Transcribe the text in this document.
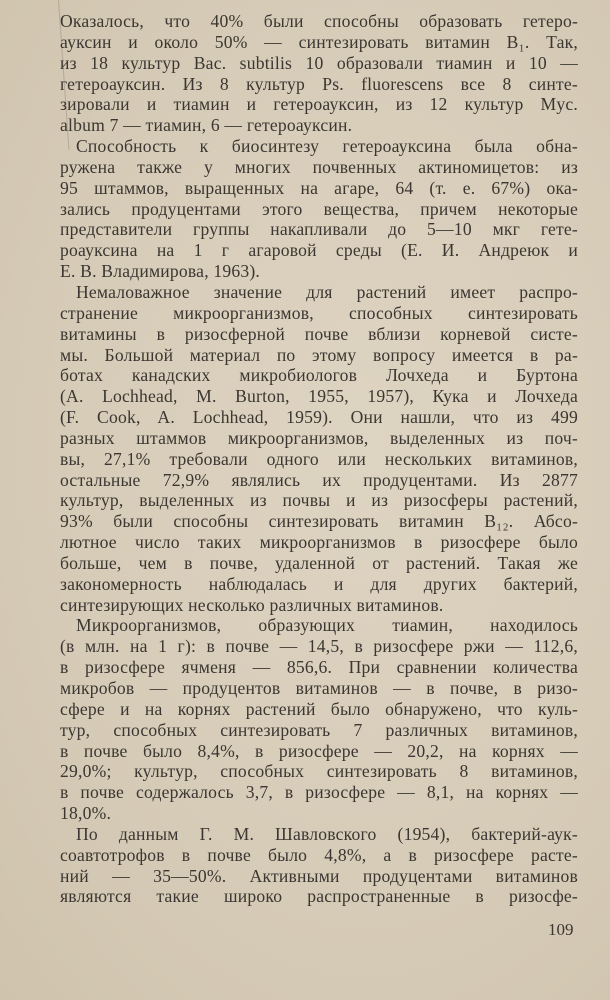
Оказалось, что 40% были способны образовать гетеро-
ауксин и около 50% — синтезировать витамин B₁. Так,
из 18 культур Bac. subtilis 10 образовали тиамин и 10 —
гетероауксин. Из 8 культур Ps. fluorescens все 8 синте-
зировали и тиамин и гетероауксин, из 12 культур Myc.
album 7 — тиамин, 6 — гетероауксин.
Способность к биосинтезу гетероауксина была обна-
ружена также у многих почвенных актиномицетов: из
95 штаммов, выращенных на агаре, 64 (т. е. 67%) ока-
зались продуцентами этого вещества, причем некоторые
представители группы накапливали до 5—10 мкг гете-
роауксина на 1 г агаровой среды (Е. И. Андреюк и
Е. В. Владимирова, 1963).
Немаловажное значение для растений имеет распро-
странение микроорганизмов, способных синтезировать
витамины в ризосферной почве вблизи корневой систе-
мы. Большой материал по этому вопросу имеется в ра-
ботах канадских микробиологов Лочхеда и Буртона
(A. Lochhead, M. Burton, 1955, 1957), Кука и Лочхеда
(F. Cook, A. Lochhead, 1959). Они нашли, что из 499
разных штаммов микроорганизмов, выделенных из поч-
вы, 27,1% требовали одного или нескольких витаминов,
остальные 72,9% являлись их продуцентами. Из 2877
культур, выделенных из почвы и из ризосферы растений,
93% были способны синтезировать витамин B₁₂. Абсо-
лютное число таких микроорганизмов в ризосфере было
больше, чем в почве, удаленной от растений. Такая же
закономерность наблюдалась и для других бактерий,
синтезирующих несколько различных витаминов.
Микроорганизмов, образующих тиамин, находилось
(в млн. на 1 г): в почве — 14,5, в ризосфере ржи — 112,6,
в ризосфере ячменя — 856,6. При сравнении количества
микробов — продуцентов витаминов — в почве, в ризо-
сфере и на корнях растений было обнаружено, что куль-
тур, способных синтезировать 7 различных витаминов,
в почве было 8,4%, в ризосфере — 20,2, на корнях —
29,0%; культур, способных синтезировать 8 витаминов,
в почве содержалось 3,7, в ризосфере — 8,1, на корнях —
18,0%.
По данным Г. М. Шавловского (1954), бактерий-аук-
соавтотрофов в почве было 4,8%, а в ризосфере расте-
ний — 35—50%. Активными продуцентами витаминов
являются такие широко распространенные в ризосфе-
109
